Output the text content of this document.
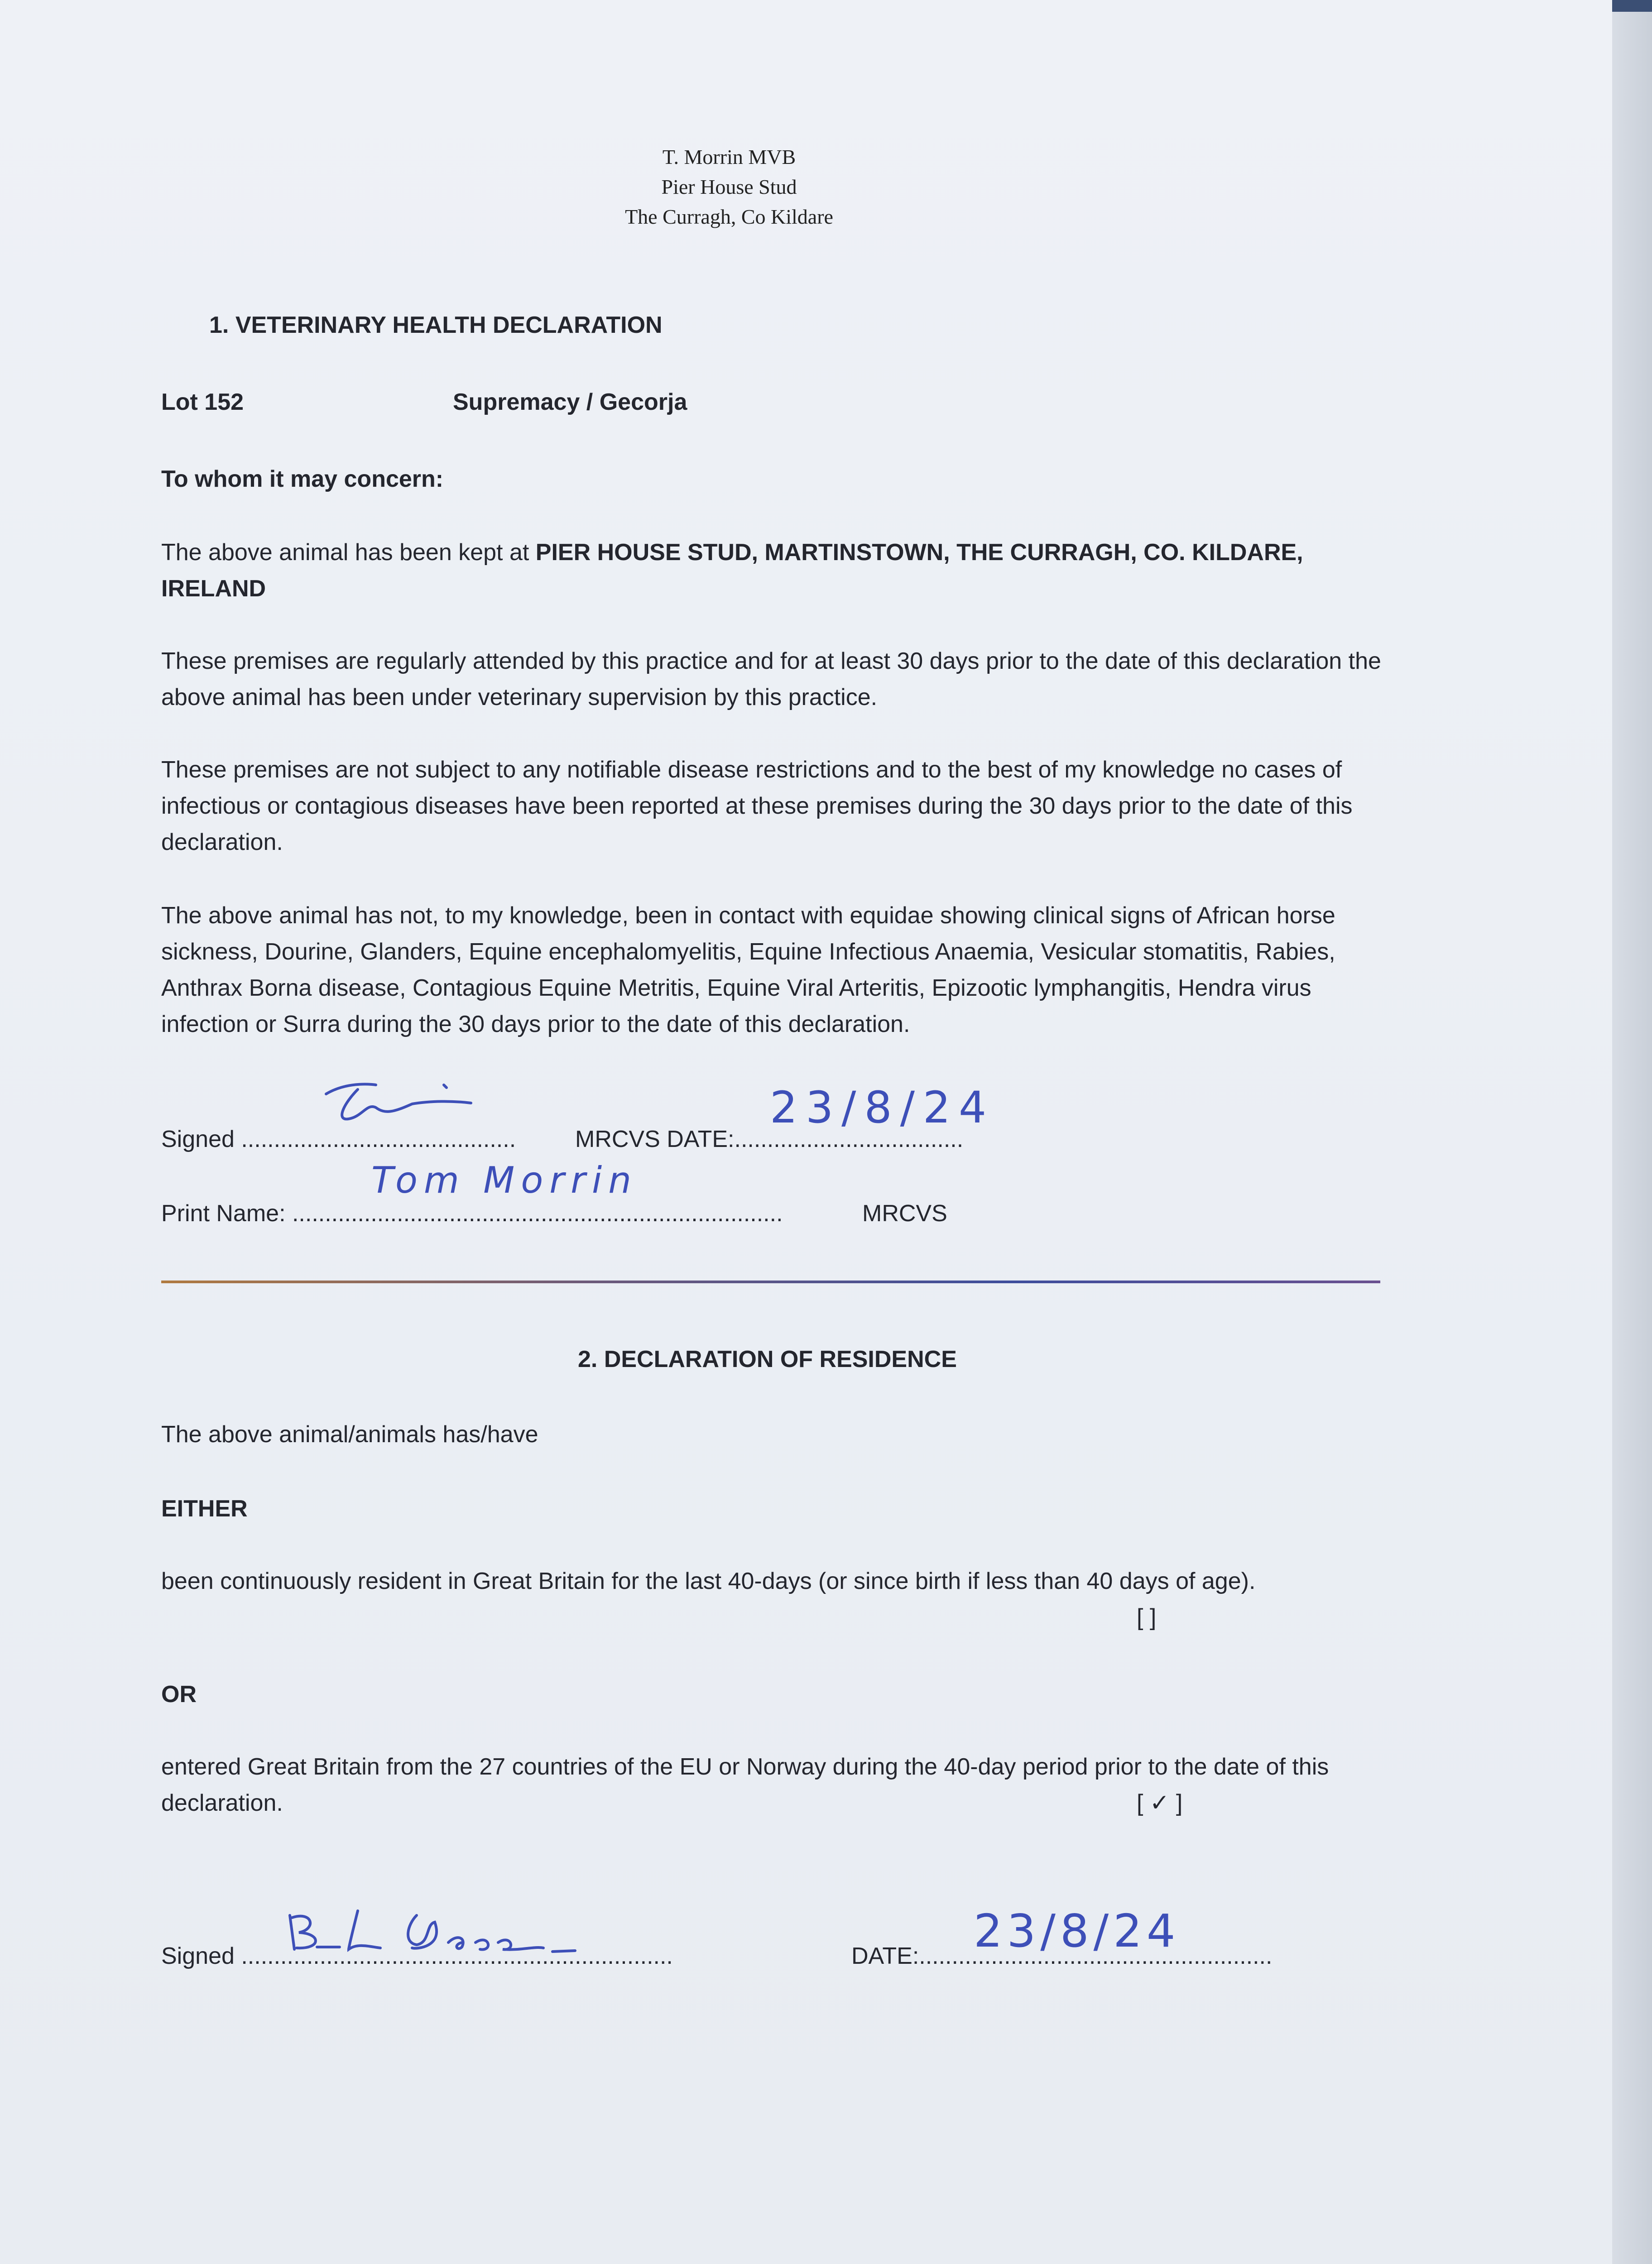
T. Morrin MVB
Pier House Stud
The Curragh, Co Kildare
1. VETERINARY HEALTH DECLARATION
Lot 152	Supremacy / Gecorja
To whom it may concern:
The above animal has been kept at PIER HOUSE STUD, MARTINSTOWN, THE CURRAGH, CO. KILDARE, IRELAND
These premises are regularly attended by this practice and for at least 30 days prior to the date of this declaration the above animal has been under veterinary supervision by this practice.
These premises are not subject to any notifiable disease restrictions and to the best of my knowledge no cases of infectious or contagious diseases have been reported at these premises during the 30 days prior to the date of this declaration.
The above animal has not, to my knowledge, been in contact with equidae showing clinical signs of African horse sickness, Dourine, Glanders, Equine encephalomyelitis, Equine Infectious Anaemia, Vesicular stomatitis, Rabies, Anthrax Borna disease, Contagious Equine Metritis, Equine Viral Arteritis, Epizootic lymphangitis, Hendra virus infection or Surra during the 30 days prior to the date of this declaration.
Signed ..........................................	MRCVS DATE:...................................
23/8/24
Print Name: ...........................................................................
Tom Morrin
MRCVS
2. DECLARATION OF RESIDENCE
The above animal/animals has/have
EITHER
been continuously resident in Great Britain for the last 40-days (or since birth if less than 40 days of age).
[ ]
OR
entered Great Britain from the 27 countries of the EU or Norway during the 40-day period prior to the date of this declaration.	[ ✓ ]
Signed ..................................................................	DATE:......................................................
23/8/24
